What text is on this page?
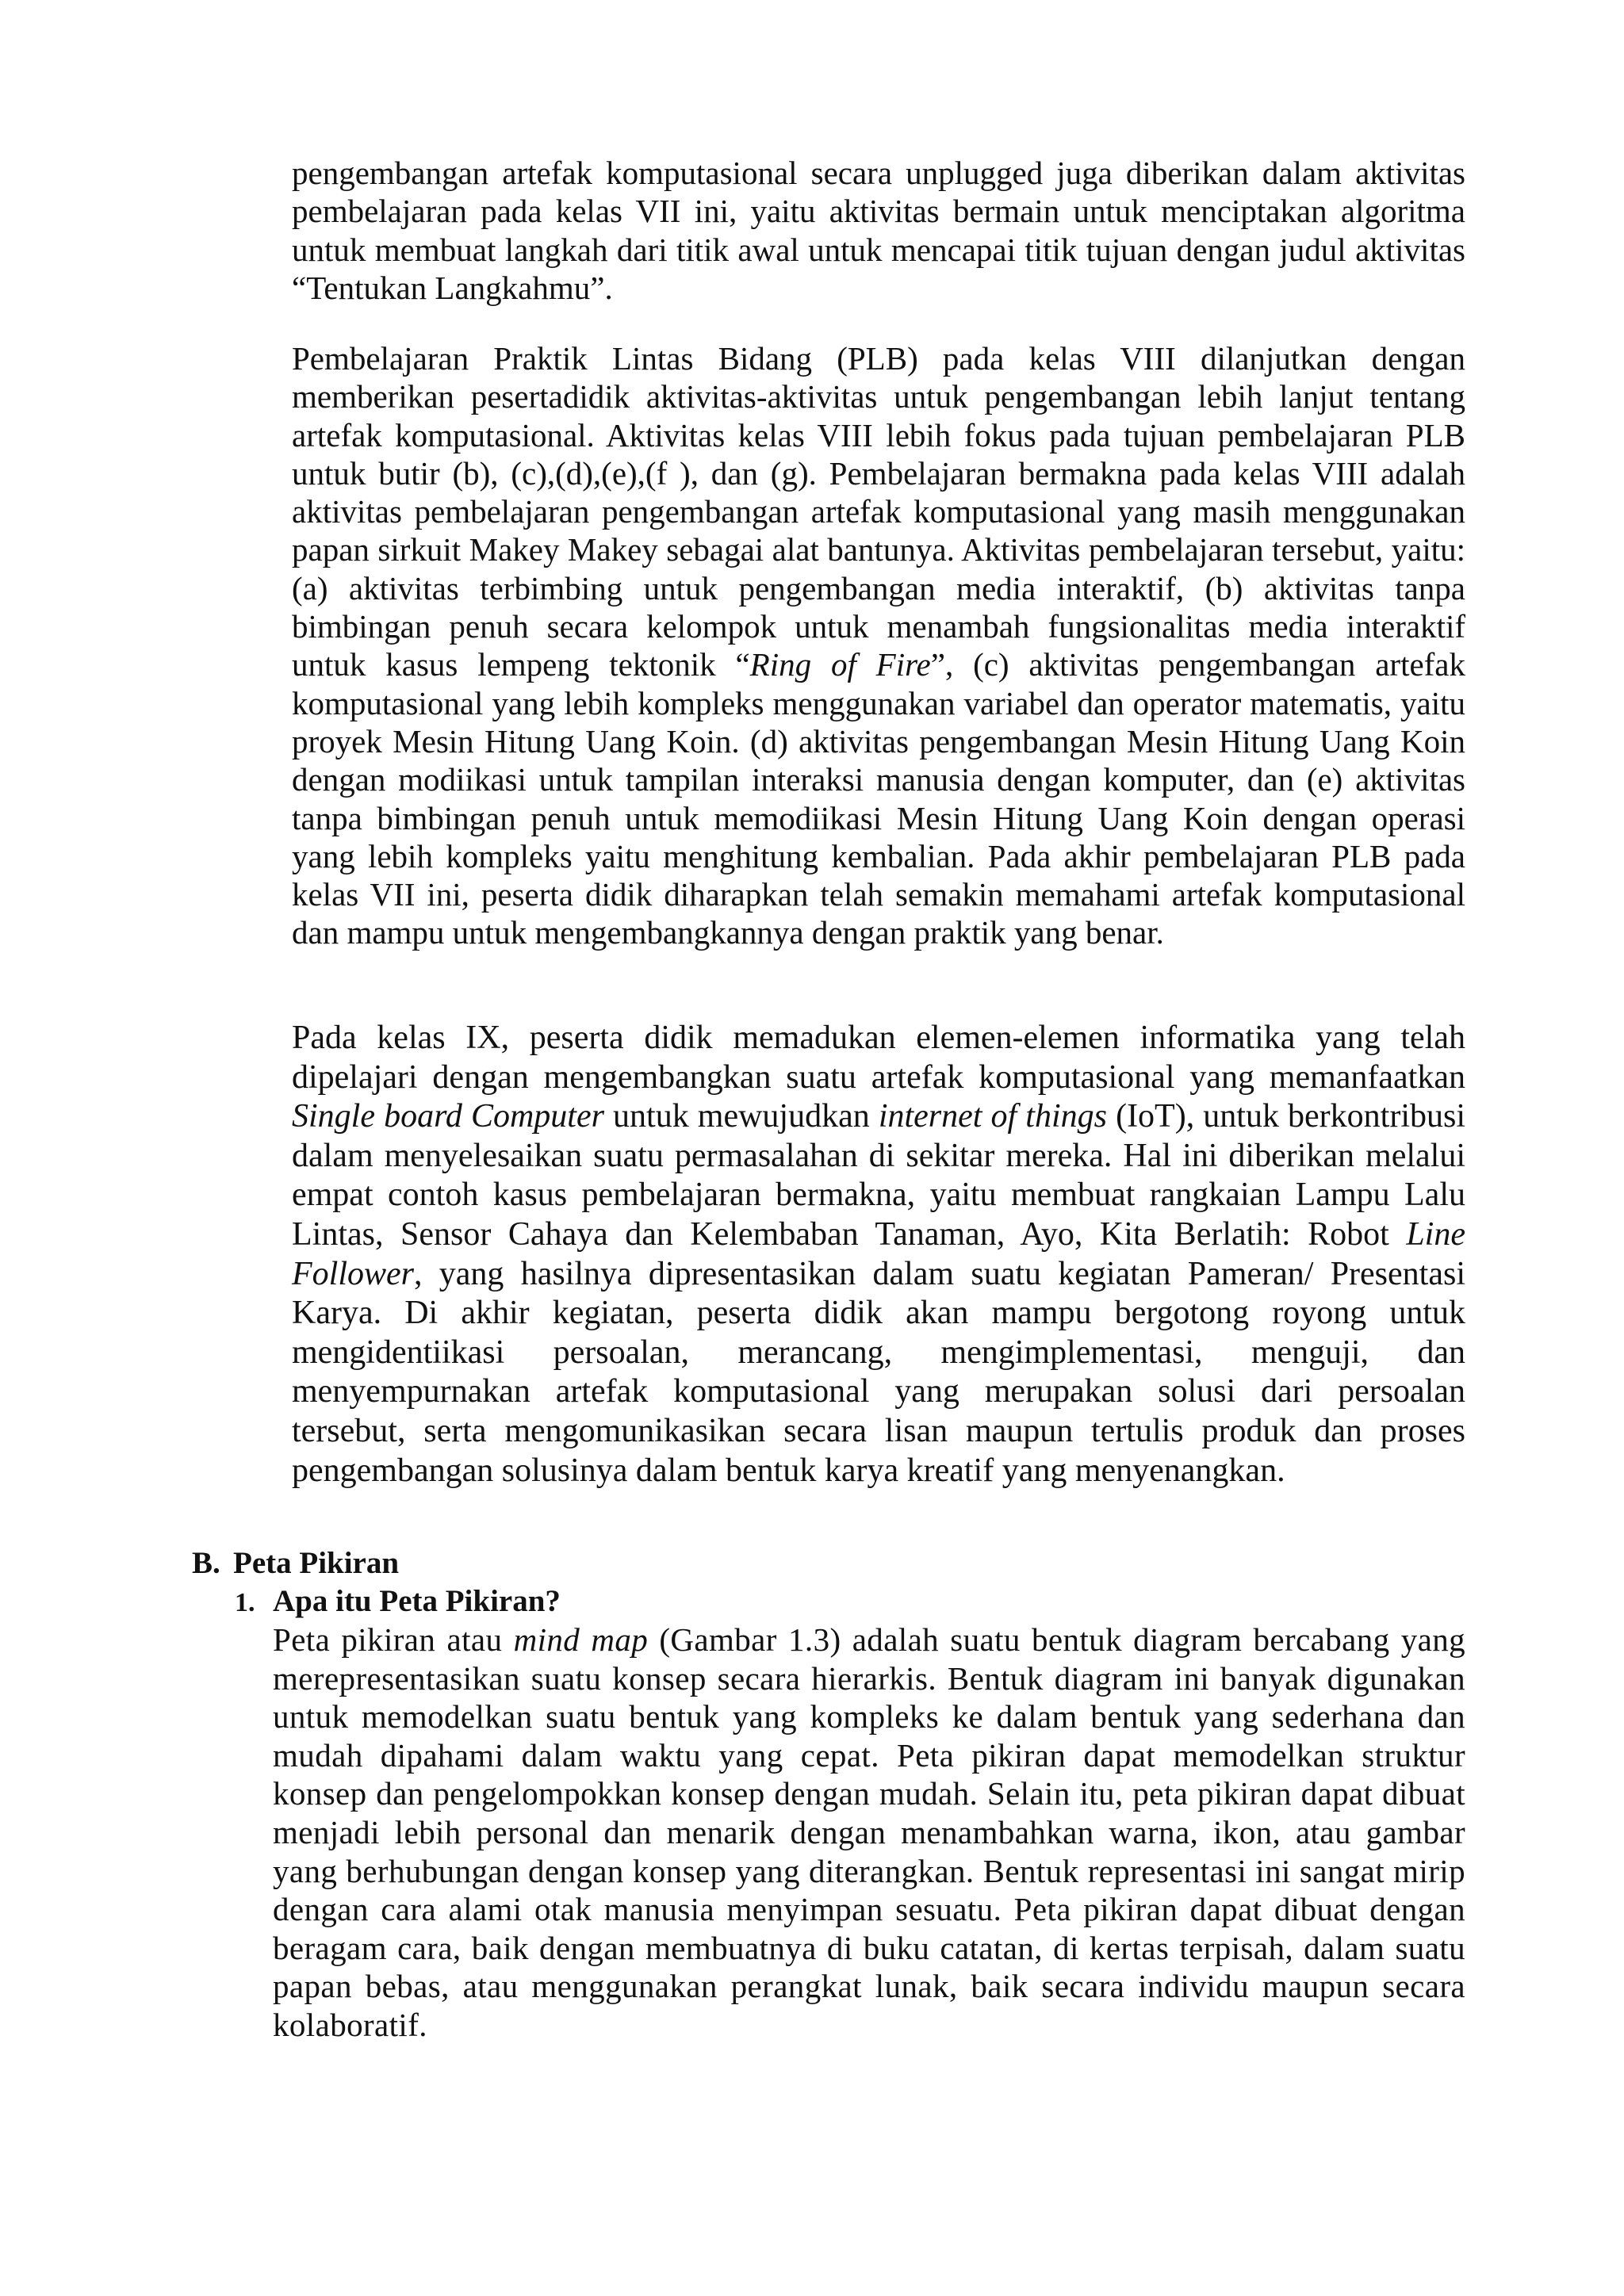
pengembangan artefak komputasional secara unplugged juga diberikan dalam aktivitas pembelajaran pada kelas VII ini, yaitu aktivitas bermain untuk menciptakan algoritma untuk membuat langkah dari titik awal untuk mencapai titik tujuan dengan judul aktivitas “Tentukan Langkahmu”.

Pembelajaran Praktik Lintas Bidang (PLB) pada kelas VIII dilanjutkan dengan memberikan pesertadidik aktivitas-aktivitas untuk pengembangan lebih lanjut tentang artefak komputasional. Aktivitas kelas VIII lebih fokus pada tujuan pembelajaran PLB untuk butir (b), (c),(d),(e),(f ), dan (g). Pembelajaran bermakna pada kelas VIII adalah aktivitas pembelajaran pengembangan artefak komputasional yang masih menggunakan papan sirkuit Makey Makey sebagai alat bantunya. Aktivitas pembelajaran tersebut, yaitu: (a) aktivitas terbimbing untuk pengembangan media interaktif, (b) aktivitas tanpa bimbingan penuh secara kelompok untuk menambah fungsionalitas media interaktif untuk kasus lempeng tektonik “Ring of Fire”, (c) aktivitas pengembangan artefak komputasional yang lebih kompleks menggunakan variabel dan operator matematis, yaitu proyek Mesin Hitung Uang Koin. (d) aktivitas pengembangan Mesin Hitung Uang Koin dengan modiikasi untuk tampilan interaksi manusia dengan komputer, dan (e) aktivitas tanpa bimbingan penuh untuk memodiikasi Mesin Hitung Uang Koin dengan operasi yang lebih kompleks yaitu menghitung kembalian. Pada akhir pembelajaran PLB pada kelas VII ini, peserta didik diharapkan telah semakin memahami artefak komputasional dan mampu untuk mengembangkannya dengan praktik yang benar.

Pada kelas IX, peserta didik memadukan elemen-elemen informatika yang telah dipelajari dengan mengembangkan suatu artefak komputasional yang memanfaatkan Single board Computer untuk mewujudkan internet of things (IoT), untuk berkontribusi dalam menyelesaikan suatu permasalahan di sekitar mereka. Hal ini diberikan melalui empat contoh kasus pembelajaran bermakna, yaitu membuat rangkaian Lampu Lalu Lintas, Sensor Cahaya dan Kelembaban Tanaman, Ayo, Kita Berlatih: Robot Line Follower, yang hasilnya dipresentasikan dalam suatu kegiatan Pameran/ Presentasi Karya. Di akhir kegiatan, peserta didik akan mampu bergotong royong untuk mengidentiikasi persoalan, merancang, mengimplementasi, menguji, dan menyempurnakan artefak komputasional yang merupakan solusi dari persoalan tersebut, serta mengomunikasikan secara lisan maupun tertulis produk dan proses pengembangan solusinya dalam bentuk karya kreatif yang menyenangkan.

B. Peta Pikiran
1. Apa itu Peta Pikiran?

Peta pikiran atau mind map (Gambar 1.3) adalah suatu bentuk diagram bercabang yang merepresentasikan suatu konsep secara hierarkis. Bentuk diagram ini banyak digunakan untuk memodelkan suatu bentuk yang kompleks ke dalam bentuk yang sederhana dan mudah dipahami dalam waktu yang cepat. Peta pikiran dapat memodelkan struktur konsep dan pengelompokkan konsep dengan mudah. Selain itu, peta pikiran dapat dibuat menjadi lebih personal dan menarik dengan menambahkan warna, ikon, atau gambar yang berhubungan dengan konsep yang diterangkan. Bentuk representasi ini sangat mirip dengan cara alami otak manusia menyimpan sesuatu. Peta pikiran dapat dibuat dengan beragam cara, baik dengan membuatnya di buku catatan, di kertas terpisah, dalam suatu papan bebas, atau menggunakan perangkat lunak, baik secara individu maupun secara kolaboratif.
